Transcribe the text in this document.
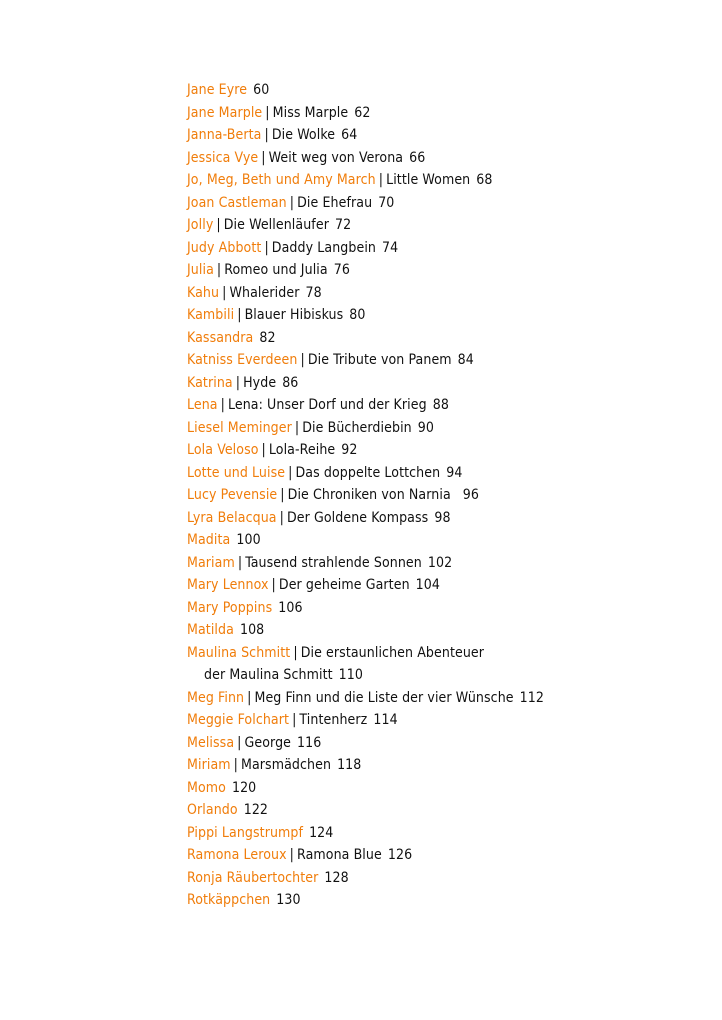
Jane Eyre 60
Jane Marple | Miss Marple 62
Janna-Berta | Die Wolke 64
Jessica Vye | Weit weg von Verona 66
Jo, Meg, Beth und Amy March | Little Women 68
Joan Castleman | Die Ehefrau 70
Jolly | Die Wellenläufer 72
Judy Abbott | Daddy Langbein 74
Julia | Romeo und Julia 76
Kahu | Whalerider 78
Kambili | Blauer Hibiskus 80
Kassandra 82
Katniss Everdeen | Die Tribute von Panem 84
Katrina | Hyde 86
Lena | Lena: Unser Dorf und der Krieg 88
Liesel Meminger | Die Bücherdiebin 90
Lola Veloso | Lola-Reihe 92
Lotte und Luise | Das doppelte Lottchen 94
Lucy Pevensie | Die Chroniken von Narnia 96
Lyra Belacqua | Der Goldene Kompass 98
Madita 100
Mariam | Tausend strahlende Sonnen 102
Mary Lennox | Der geheime Garten 104
Mary Poppins 106
Matilda 108
Maulina Schmitt | Die erstaunlichen Abenteuer
der Maulina Schmitt 110
Meg Finn | Meg Finn und die Liste der vier Wünsche 112
Meggie Folchart | Tintenherz 114
Melissa | George 116
Miriam | Marsmädchen 118
Momo 120
Orlando 122
Pippi Langstrumpf 124
Ramona Leroux | Ramona Blue 126
Ronja Räubertochter 128
Rotkäppchen 130
